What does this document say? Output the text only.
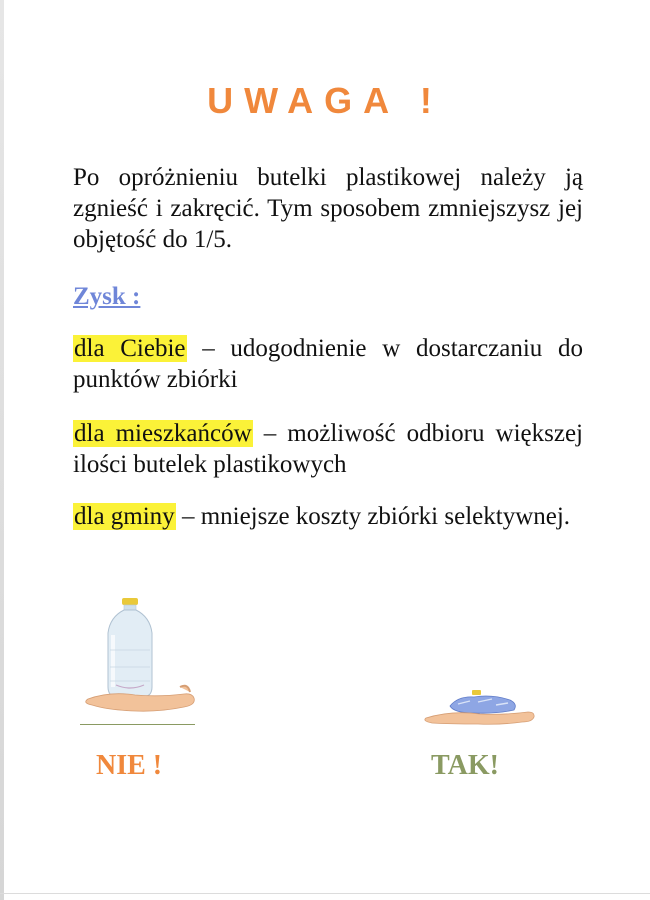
UWAGA !
Po opróżnieniu butelki plastikowej należy ją zgnieść i zakręcić. Tym sposobem zmniejszysz jej objętość do 1/5.
Zysk :
dla Ciebie – udogodnienie w dostarczaniu do punktów zbiórki
dla mieszkańców – możliwość odbioru większej ilości butelek plastikowych
dla gminy – mniejsze koszty zbiórki selektywnej.
NIE !	TAK!
